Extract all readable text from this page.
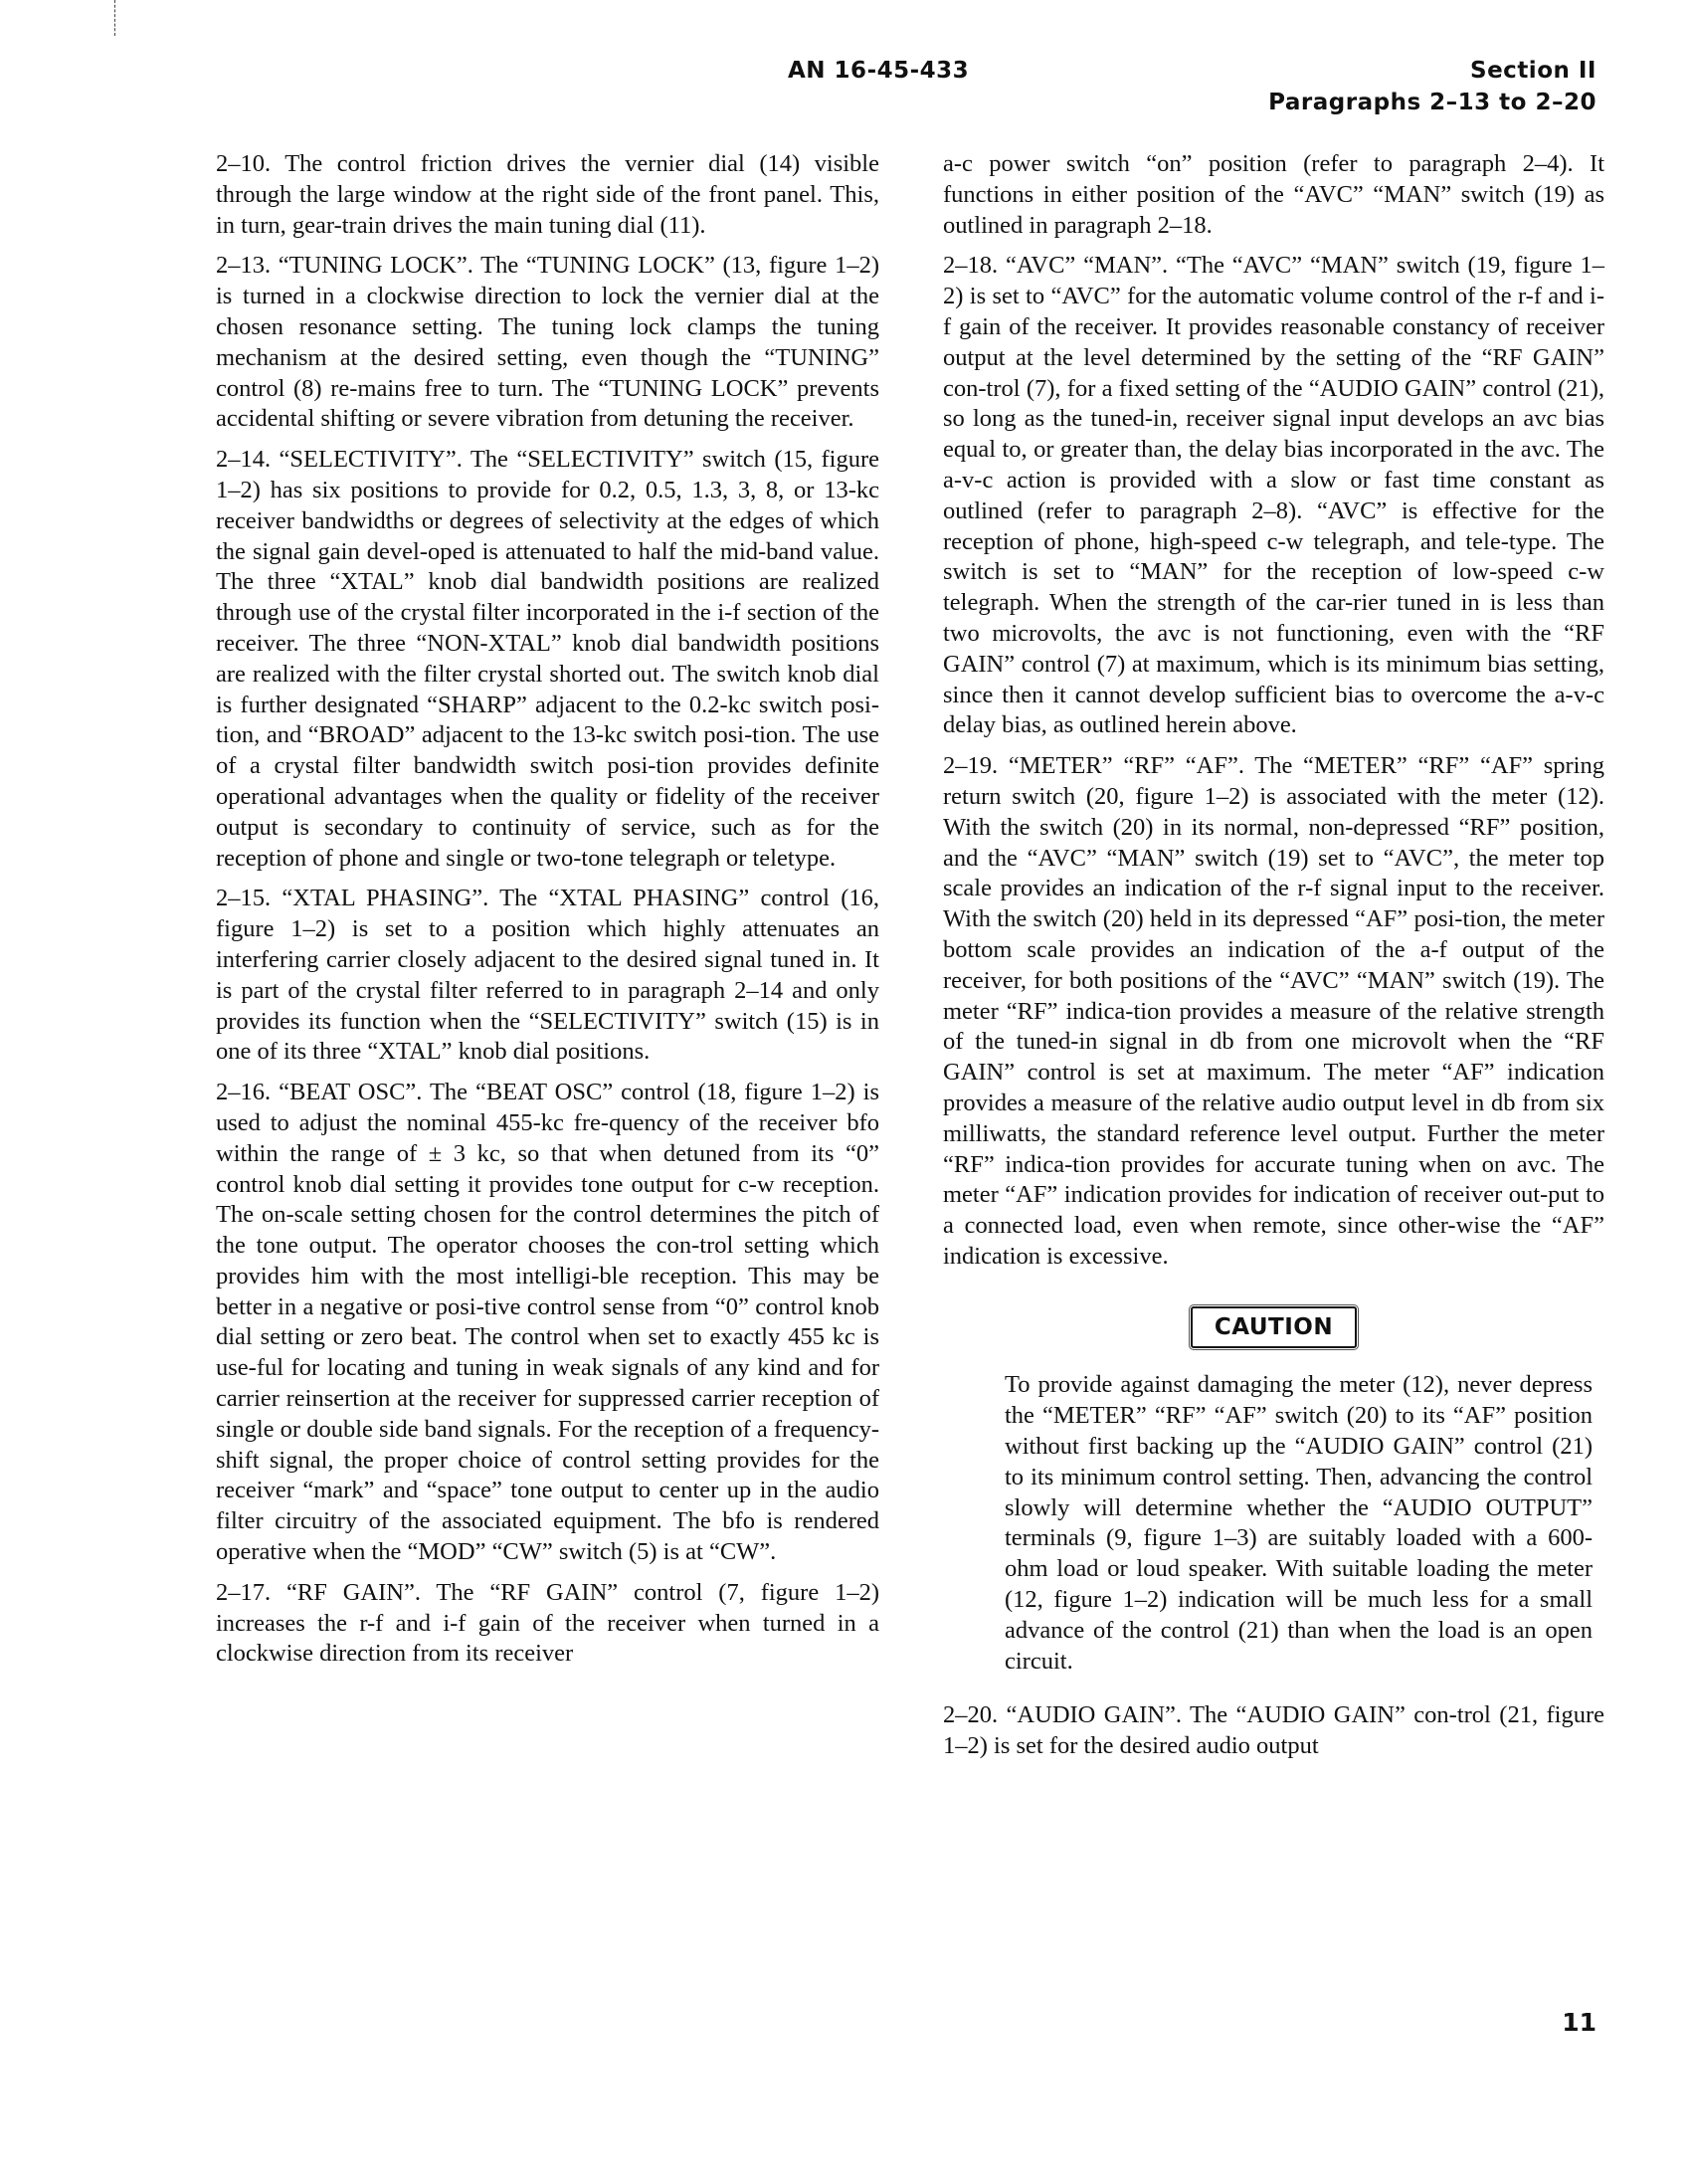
AN 16-45-433	Section II
Paragraphs 2–13 to 2–20

2–10. The control friction drives the vernier dial (14) visible through the large window at the right side of the front panel. This, in turn, gear-train drives the main tuning dial (11).

2–13. “TUNING LOCK”. The “TUNING LOCK” (13, figure 1–2) is turned in a clockwise direction to lock the vernier dial at the chosen resonance setting. The tuning lock clamps the tuning mechanism at the desired setting, even though the “TUNING” control (8) re-mains free to turn. The “TUNING LOCK” prevents accidental shifting or severe vibration from detuning the receiver.

2–14. “SELECTIVITY”. The “SELECTIVITY” switch (15, figure 1–2) has six positions to provide for 0.2, 0.5, 1.3, 3, 8, or 13-kc receiver bandwidths or degrees of selectivity at the edges of which the signal gain devel-oped is attenuated to half the mid-band value. The three “XTAL” knob dial bandwidth positions are realized through use of the crystal filter incorporated in the i-f section of the receiver. The three “NON-XTAL” knob dial bandwidth positions are realized with the filter crystal shorted out. The switch knob dial is further designated “SHARP” adjacent to the 0.2-kc switch posi-tion, and “BROAD” adjacent to the 13-kc switch posi-tion. The use of a crystal filter bandwidth switch posi-tion provides definite operational advantages when the quality or fidelity of the receiver output is secondary to continuity of service, such as for the reception of phone and single or two-tone telegraph or teletype.

2–15. “XTAL PHASING”. The “XTAL PHASING” control (16, figure 1–2) is set to a position which highly attenuates an interfering carrier closely adjacent to the desired signal tuned in. It is part of the crystal filter referred to in paragraph 2–14 and only provides its function when the “SELECTIVITY” switch (15) is in one of its three “XTAL” knob dial positions.

2–16. “BEAT OSC”. The “BEAT OSC” control (18, figure 1–2) is used to adjust the nominal 455-kc fre-quency of the receiver bfo within the range of ± 3 kc, so that when detuned from its “0” control knob dial setting it provides tone output for c-w reception. The on-scale setting chosen for the control determines the pitch of the tone output. The operator chooses the con-trol setting which provides him with the most intelligi-ble reception. This may be better in a negative or posi-tive control sense from “0” control knob dial setting or zero beat. The control when set to exactly 455 kc is use-ful for locating and tuning in weak signals of any kind and for carrier reinsertion at the receiver for suppressed carrier reception of single or double side band signals. For the reception of a frequency-shift signal, the proper choice of control setting provides for the receiver “mark” and “space” tone output to center up in the audio filter circuitry of the associated equipment. The bfo is rendered operative when the “MOD” “CW” switch (5) is at “CW”.

2–17. “RF GAIN”. The “RF GAIN” control (7, figure 1–2) increases the r-f and i-f gain of the receiver when turned in a clockwise direction from its receiver

a-c power switch “on” position (refer to paragraph 2–4). It functions in either position of the “AVC” “MAN” switch (19) as outlined in paragraph 2–18.

2–18. “AVC” “MAN”. “The “AVC” “MAN” switch (19, figure 1–2) is set to “AVC” for the automatic volume control of the r-f and i-f gain of the receiver. It provides reasonable constancy of receiver output at the level determined by the setting of the “RF GAIN” con-trol (7), for a fixed setting of the “AUDIO GAIN” control (21), so long as the tuned-in, receiver signal input develops an avc bias equal to, or greater than, the delay bias incorporated in the avc. The a-v-c action is provided with a slow or fast time constant as outlined (refer to paragraph 2–8). “AVC” is effective for the reception of phone, high-speed c-w telegraph, and tele-type. The switch is set to “MAN” for the reception of low-speed c-w telegraph. When the strength of the car-rier tuned in is less than two microvolts, the avc is not functioning, even with the “RF GAIN” control (7) at maximum, which is its minimum bias setting, since then it cannot develop sufficient bias to overcome the a-v-c delay bias, as outlined herein above.

2–19. “METER” “RF” “AF”. The “METER” “RF” “AF” spring return switch (20, figure 1–2) is associated with the meter (12). With the switch (20) in its normal, non-depressed “RF” position, and the “AVC” “MAN” switch (19) set to “AVC”, the meter top scale provides an indication of the r-f signal input to the receiver. With the switch (20) held in its depressed “AF” posi-tion, the meter bottom scale provides an indication of the a-f output of the receiver, for both positions of the “AVC” “MAN” switch (19). The meter “RF” indica-tion provides a measure of the relative strength of the tuned-in signal in db from one microvolt when the “RF GAIN” control is set at maximum. The meter “AF” indication provides a measure of the relative audio output level in db from six milliwatts, the standard reference level output. Further the meter “RF” indica-tion provides for accurate tuning when on avc. The meter “AF” indication provides for indication of receiver out-put to a connected load, even when remote, since other-wise the “AF” indication is excessive.

CAUTION

To provide against damaging the meter (12), never depress the “METER” “RF” “AF” switch (20) to its “AF” position without first backing up the “AUDIO GAIN” control (21) to its minimum control setting. Then, advancing the control slowly will determine whether the “AUDIO OUTPUT” terminals (9, figure 1–3) are suitably loaded with a 600-ohm load or loud speaker. With suitable loading the meter (12, figure 1–2) indication will be much less for a small advance of the control (21) than when the load is an open circuit.

2–20. “AUDIO GAIN”. The “AUDIO GAIN” con-trol (21, figure 1–2) is set for the desired audio output

11
